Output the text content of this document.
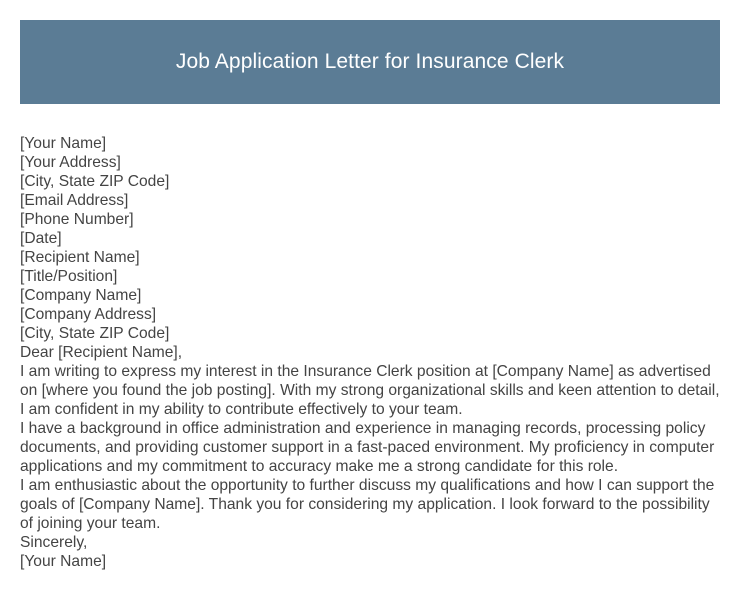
Job Application Letter for Insurance Clerk
[Your Name]
[Your Address]
[City, State ZIP Code]
[Email Address]
[Phone Number]
[Date]
[Recipient Name]
[Title/Position]
[Company Name]
[Company Address]
[City, State ZIP Code]
Dear [Recipient Name],
I am writing to express my interest in the Insurance Clerk position at [Company Name] as advertised on [where you found the job posting]. With my strong organizational skills and keen attention to detail, I am confident in my ability to contribute effectively to your team.
I have a background in office administration and experience in managing records, processing policy documents, and providing customer support in a fast-paced environment. My proficiency in computer applications and my commitment to accuracy make me a strong candidate for this role.
I am enthusiastic about the opportunity to further discuss my qualifications and how I can support the goals of [Company Name]. Thank you for considering my application. I look forward to the possibility of joining your team.
Sincerely,
[Your Name]
